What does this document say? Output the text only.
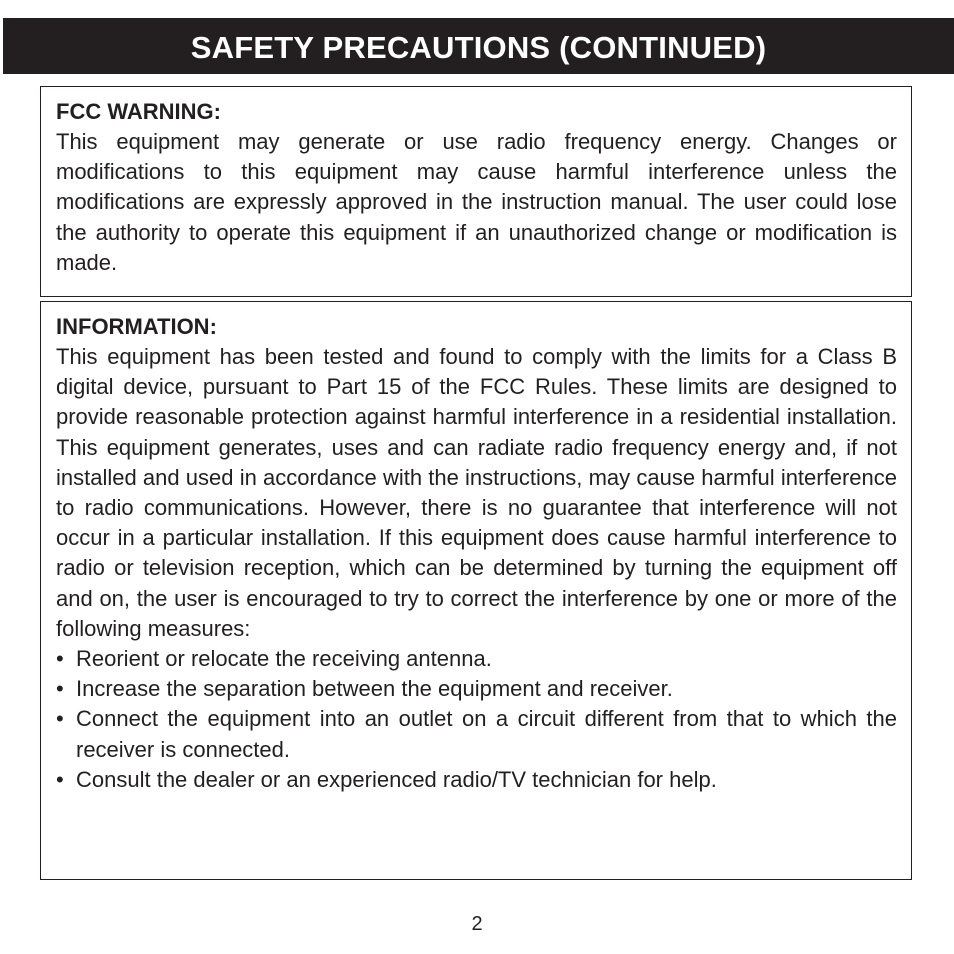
SAFETY PRECAUTIONS (CONTINUED)

FCC WARNING:

This equipment may generate or use radio frequency energy. Changes or modifications to this equipment may cause harmful interference unless the modifications are expressly approved in the instruction manual. The user could lose the authority to operate this equipment if an unauthorized change or modification is made.

INFORMATION:

This equipment has been tested and found to comply with the limits for a Class B digital device, pursuant to Part 15 of the FCC Rules. These limits are designed to provide reasonable protection against harmful interference in a residential installation. This equipment generates, uses and can radiate radio frequency energy and, if not installed and used in accordance with the instructions, may cause harmful interference to radio communications. However, there is no guarantee that interference will not occur in a particular installation. If this equipment does cause harmful interference to radio or television reception, which can be determined by turning the equipment off and on, the user is encouraged to try to correct the interference by one or more of the following measures:

• Reorient or relocate the receiving antenna.
• Increase the separation between the equipment and receiver.
• Connect the equipment into an outlet on a circuit different from that to which the receiver is connected.
• Consult the dealer or an experienced radio/TV technician for help.
2
